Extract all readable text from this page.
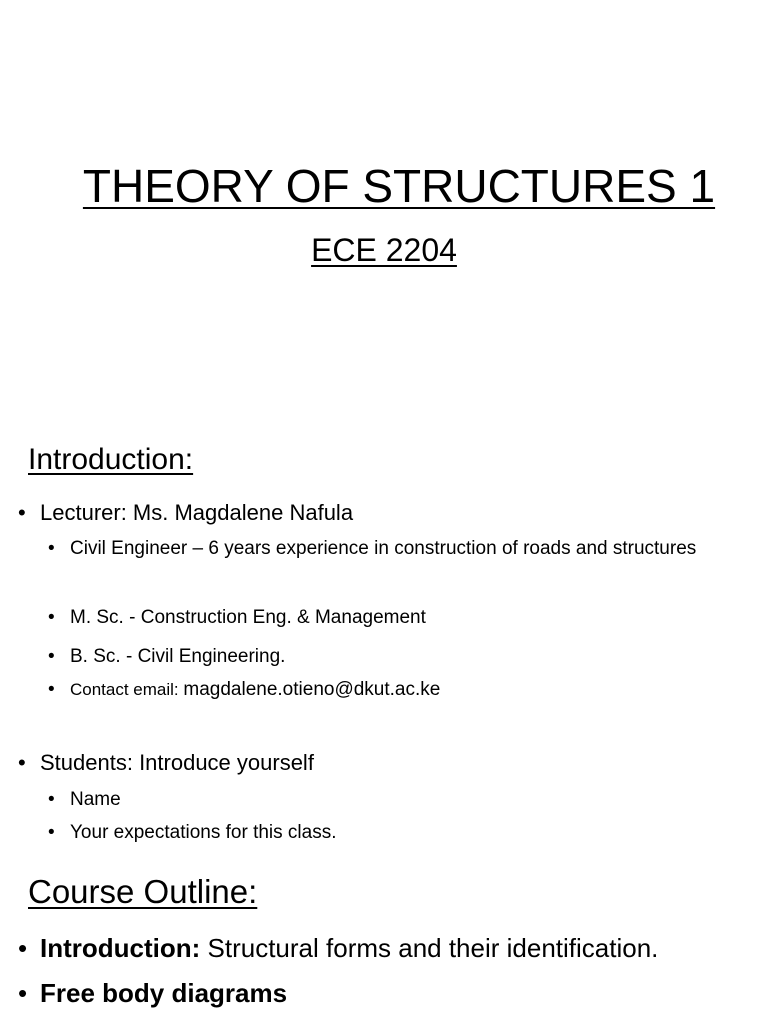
THEORY OF STRUCTURES 1
ECE 2204
Introduction:
• Lecturer: Ms. Magdalene Nafula
• Civil Engineer – 6 years experience in construction of roads and structures
• M. Sc. - Construction Eng. & Management
• B. Sc. - Civil Engineering.
• Contact email: magdalene.otieno@dkut.ac.ke
• Students: Introduce yourself
• Name
• Your expectations for this class.
Course Outline:
• Introduction: Structural forms and their identification.
• Free body diagrams
